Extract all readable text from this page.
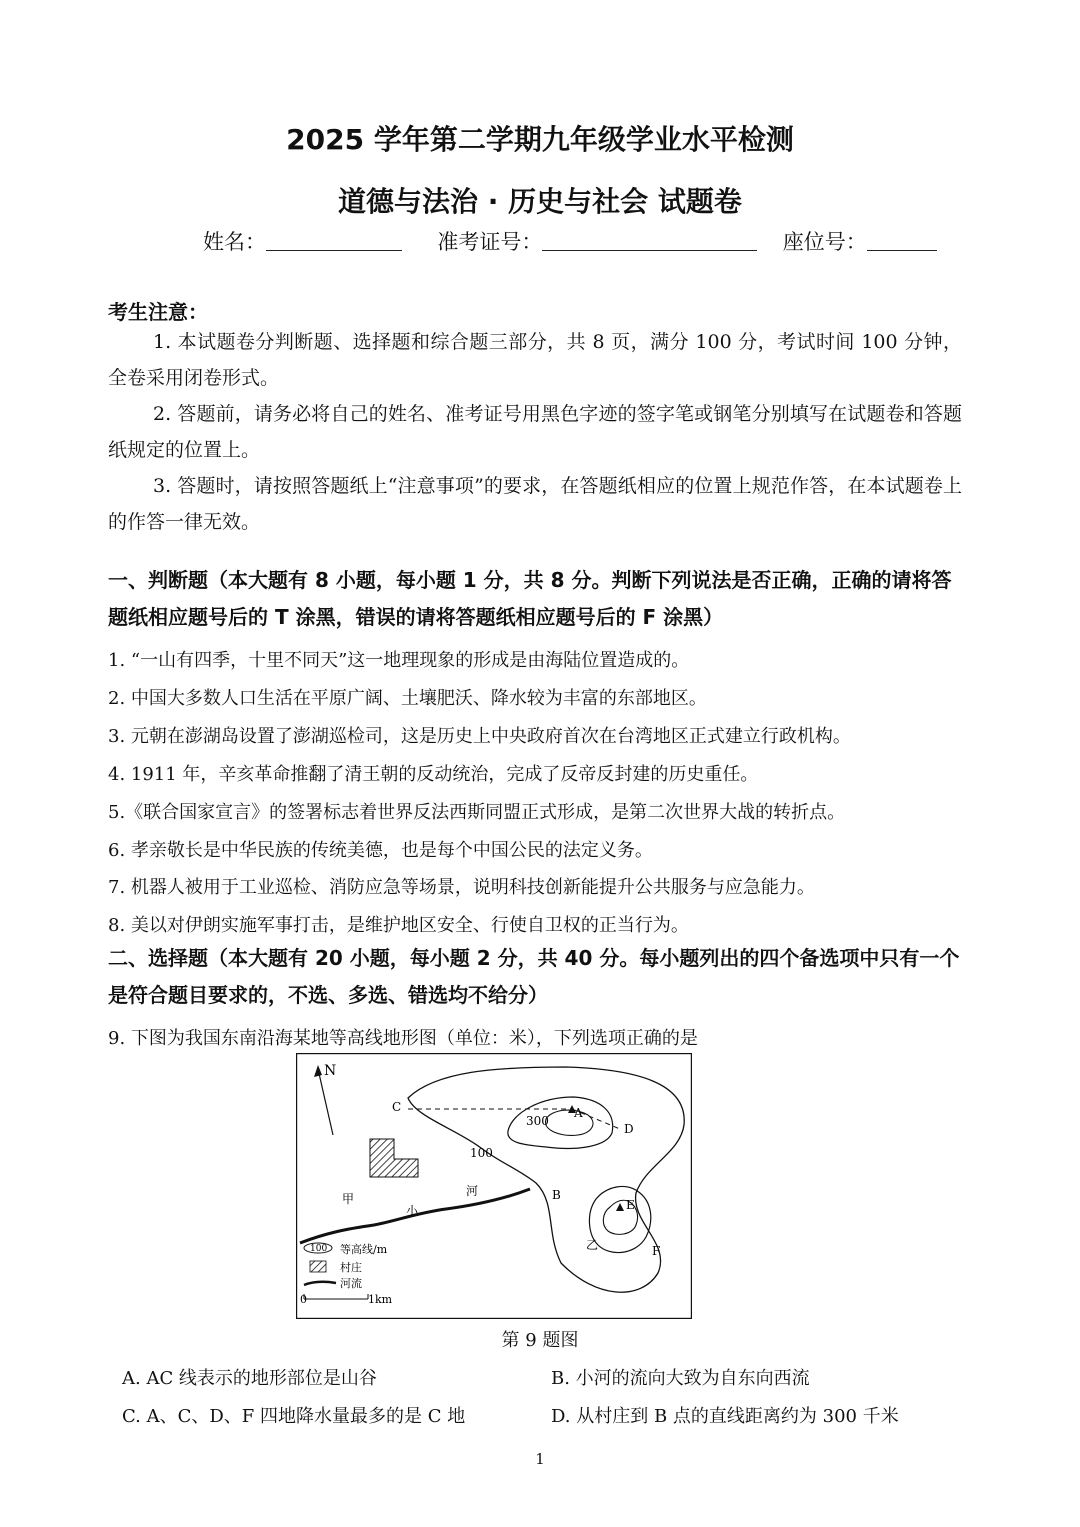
2025 学年第二学期九年级学业水平检测
道德与法治 · 历史与社会 试题卷
姓名：	准考证号：	座位号：
考生注意：
1. 本试题卷分判断题、选择题和综合题三部分，共 8 页，满分 100 分，考试时间 100 分钟，全卷采用闭卷形式。
2. 答题前，请务必将自己的姓名、准考证号用黑色字迹的签字笔或钢笔分别填写在试题卷和答题纸规定的位置上。
3. 答题时，请按照答题纸上“注意事项”的要求，在答题纸相应的位置上规范作答，在本试题卷上的作答一律无效。
一、判断题（本大题有 8 小题，每小题 1 分，共 8 分。判断下列说法是否正确，正确的请将答题纸相应题号后的 T 涂黑，错误的请将答题纸相应题号后的 F 涂黑）
1. “一山有四季，十里不同天”这一地理现象的形成是由海陆位置造成的。
2. 中国大多数人口生活在平原广阔、土壤肥沃、降水较为丰富的东部地区。
3. 元朝在澎湖岛设置了澎湖巡检司，这是历史上中央政府首次在台湾地区正式建立行政机构。
4. 1911 年，辛亥革命推翻了清王朝的反动统治，完成了反帝反封建的历史重任。
5.《联合国家宣言》的签署标志着世界反法西斯同盟正式形成，是第二次世界大战的转折点。
6. 孝亲敬长是中华民族的传统美德，也是每个中国公民的法定义务。
7. 机器人被用于工业巡检、消防应急等场景，说明科技创新能提升公共服务与应急能力。
8. 美以对伊朗实施军事打击，是维护地区安全、行使自卫权的正当行为。
二、选择题（本大题有 20 小题，每小题 2 分，共 40 分。每小题列出的四个备选项中只有一个是符合题目要求的，不选、多选、错选均不给分）
9. 下图为我国东南沿海某地等高线地形图（单位：米），下列选项正确的是
N
C	A
D
B
E
F
乙
甲
小
河
300
100
100 等高线/m
村庄
河流
0	1km
第 9 题图
A. AC 线表示的地形部位是山谷	B. 小河的流向大致为自东向西流
C. A、C、D、F 四地降水量最多的是 C 地	D. 从村庄到 B 点的直线距离约为 300 千米
1
